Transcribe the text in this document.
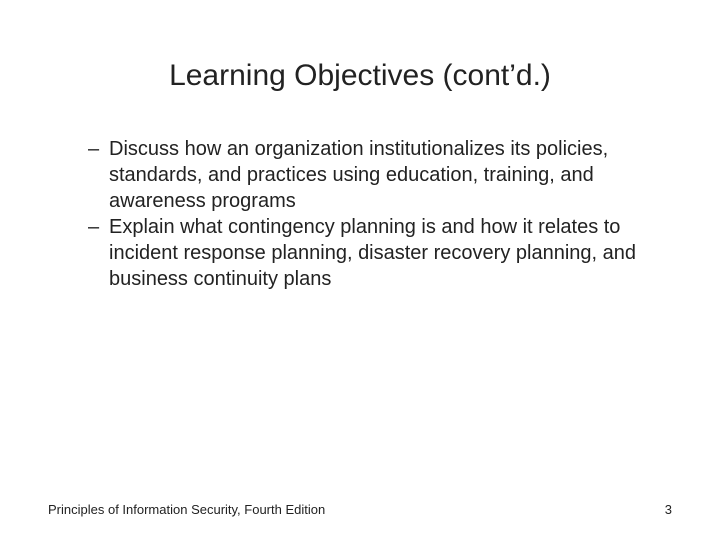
Learning Objectives (cont’d.)
– Discuss how an organization institutionalizes its policies, standards, and practices using education, training, and awareness programs
– Explain what contingency planning is and how it relates to incident response planning, disaster recovery planning, and business continuity plans
Principles of Information Security, Fourth Edition	3
